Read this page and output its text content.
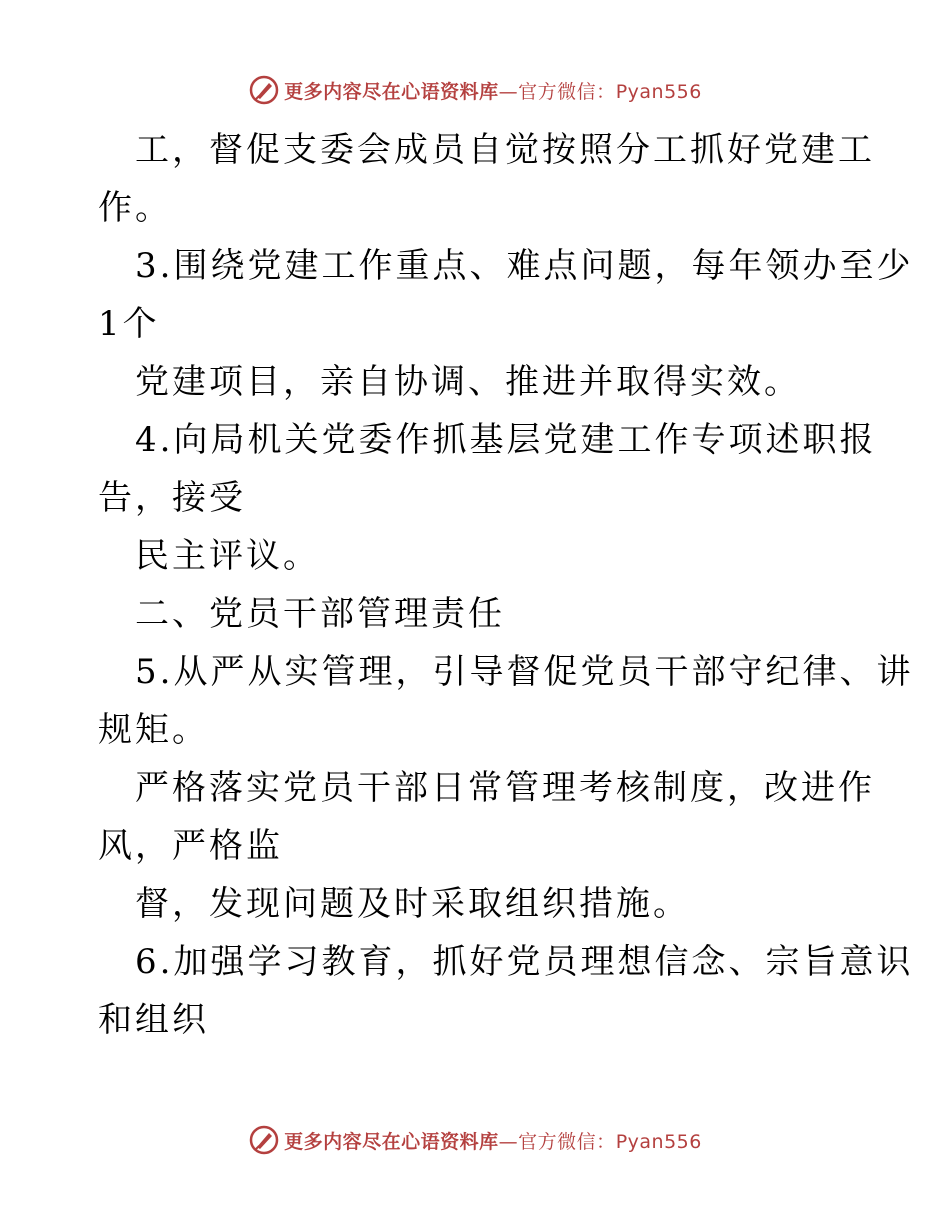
更多内容尽在心语资料库—官方微信：Pyan556
工，督促支委会成员自觉按照分工抓好党建工
作。
3.围绕党建工作重点、难点问题，每年领办至少
1个
党建项目，亲自协调、推进并取得实效。
4.向局机关党委作抓基层党建工作专项述职报
告，接受
民主评议。
二、党员干部管理责任
5.从严从实管理，引导督促党员干部守纪律、讲
规矩。
严格落实党员干部日常管理考核制度，改进作
风，严格监
督，发现问题及时采取组织措施。
6.加强学习教育，抓好党员理想信念、宗旨意识
和组织
更多内容尽在心语资料库—官方微信：Pyan556
